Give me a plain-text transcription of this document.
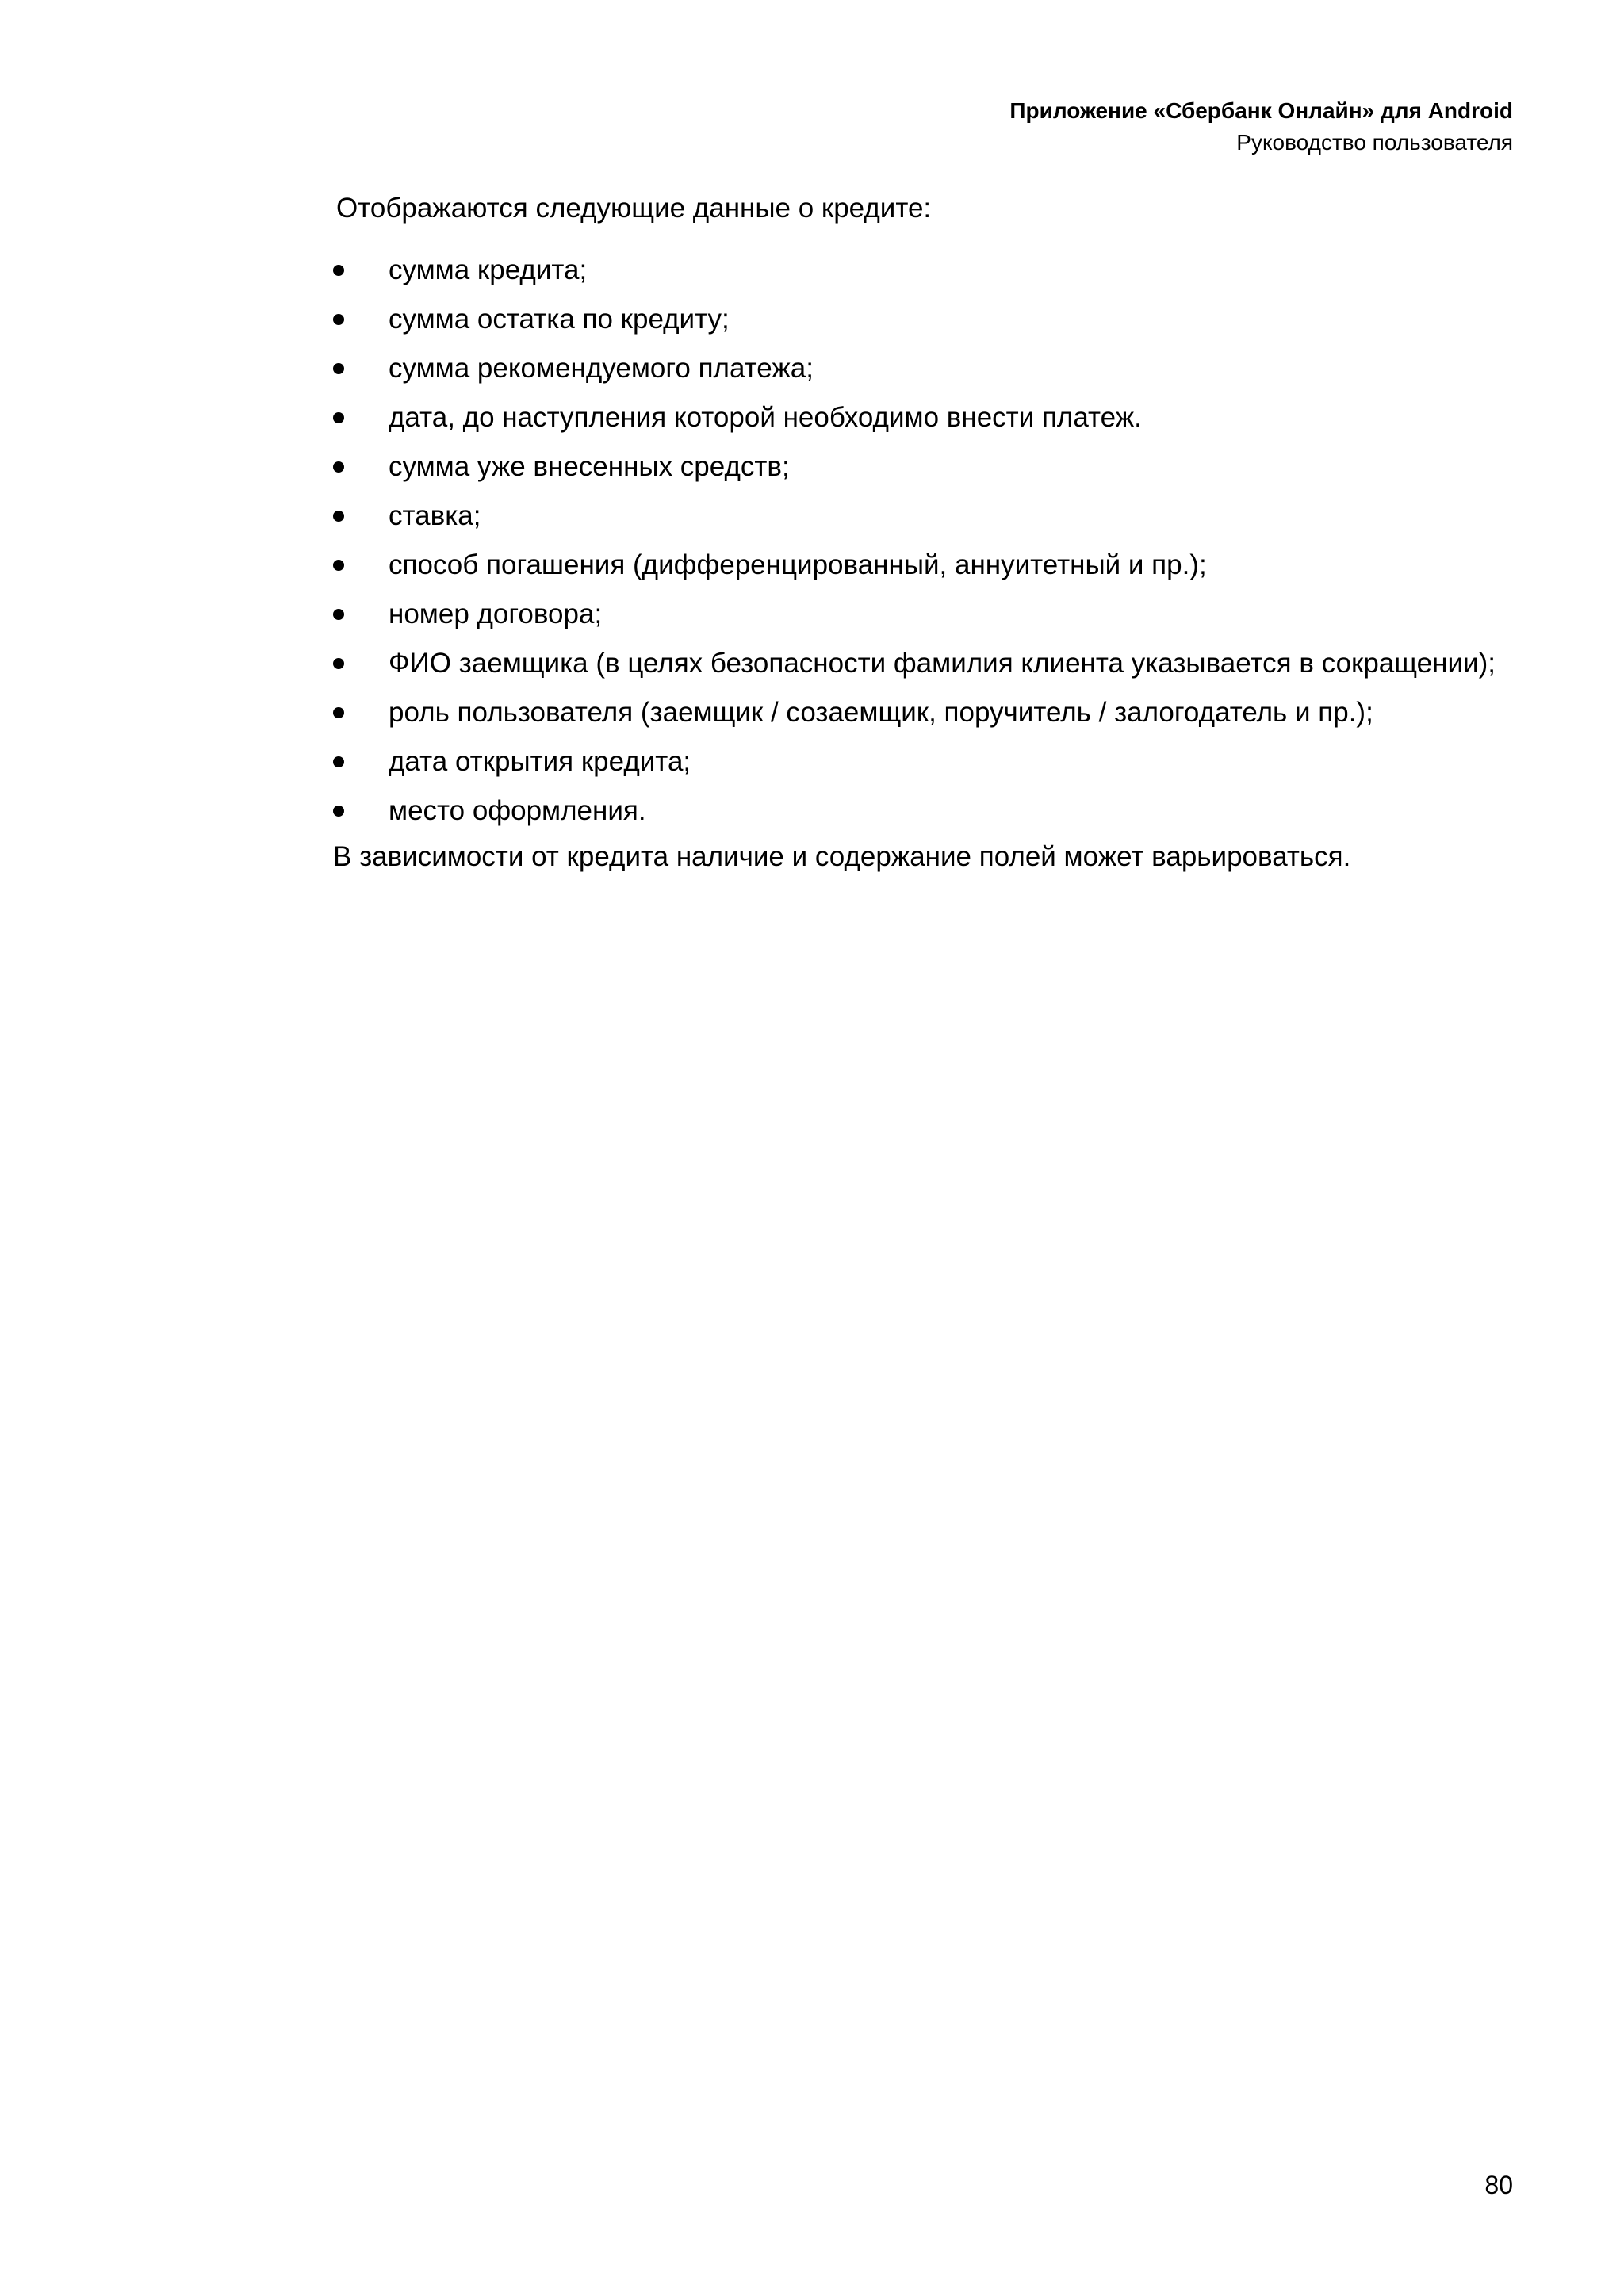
Приложение «Сбербанк Онлайн» для Android
Руководство пользователя

Отображаются следующие данные о кредите:

сумма кредита;
сумма остатка по кредиту;
сумма рекомендуемого платежа;
дата, до наступления которой необходимо внести платеж.
сумма уже внесенных средств;
ставка;
способ погашения (дифференцированный, аннуитетный и пр.);
номер договора;
ФИО заемщика (в целях безопасности фамилия клиента указывается в сокращении);
роль пользователя (заемщик / созаемщик, поручитель / залогодатель и пр.);
дата открытия кредита;
место оформления.

В зависимости от кредита наличие и содержание полей может варьироваться.

80
